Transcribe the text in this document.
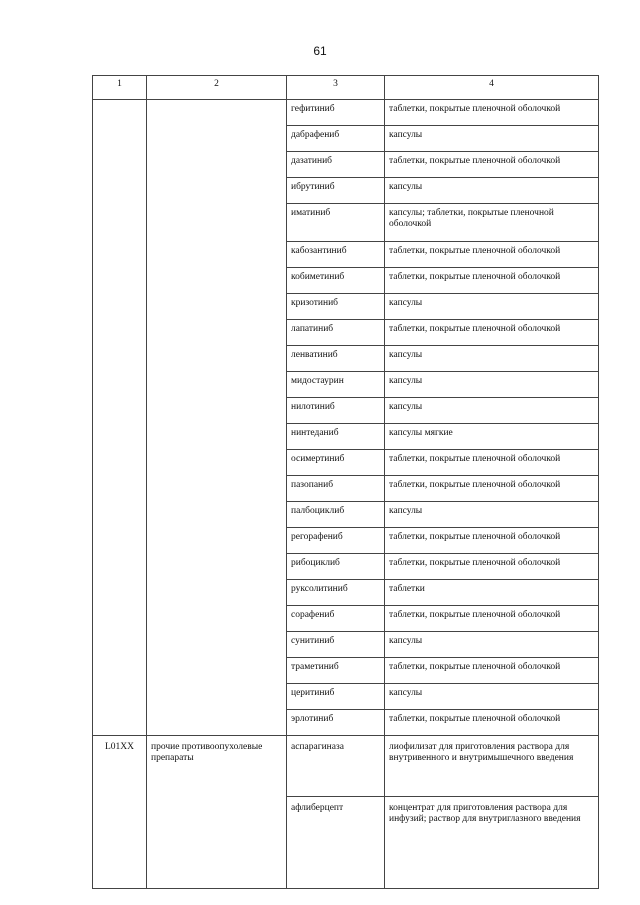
61
1	2	3	4
		гефитиниб	таблетки, покрытые пленочной оболочкой
		дабрафениб	капсулы
		дазатиниб	таблетки, покрытые пленочной оболочкой
		ибрутиниб	капсулы
		иматиниб	капсулы; таблетки, покрытые пленочной оболочкой
		кабозантиниб	таблетки, покрытые пленочной оболочкой
		кобиметиниб	таблетки, покрытые пленочной оболочкой
		кризотиниб	капсулы
		лапатиниб	таблетки, покрытые пленочной оболочкой
		ленватиниб	капсулы
		мидостаурин	капсулы
		нилотиниб	капсулы
		нинтеданиб	капсулы мягкие
		осимертиниб	таблетки, покрытые пленочной оболочкой
		пазопаниб	таблетки, покрытые пленочной оболочкой
		палбоциклиб	капсулы
		регорафениб	таблетки, покрытые пленочной оболочкой
		рибоциклиб	таблетки, покрытые пленочной оболочкой
		руксолитиниб	таблетки
		сорафениб	таблетки, покрытые пленочной оболочкой
		сунитиниб	капсулы
		траметиниб	таблетки, покрытые пленочной оболочкой
		церитиниб	капсулы
		эрлотиниб	таблетки, покрытые пленочной оболочкой
L01XX	прочие противоопухолевые препараты	аспарагиназа	лиофилизат для приготовления раствора для внутривенного и внутримышечного введения
		афлиберцепт	концентрат для приготовления раствора для инфузий; раствор для внутриглазного введения
